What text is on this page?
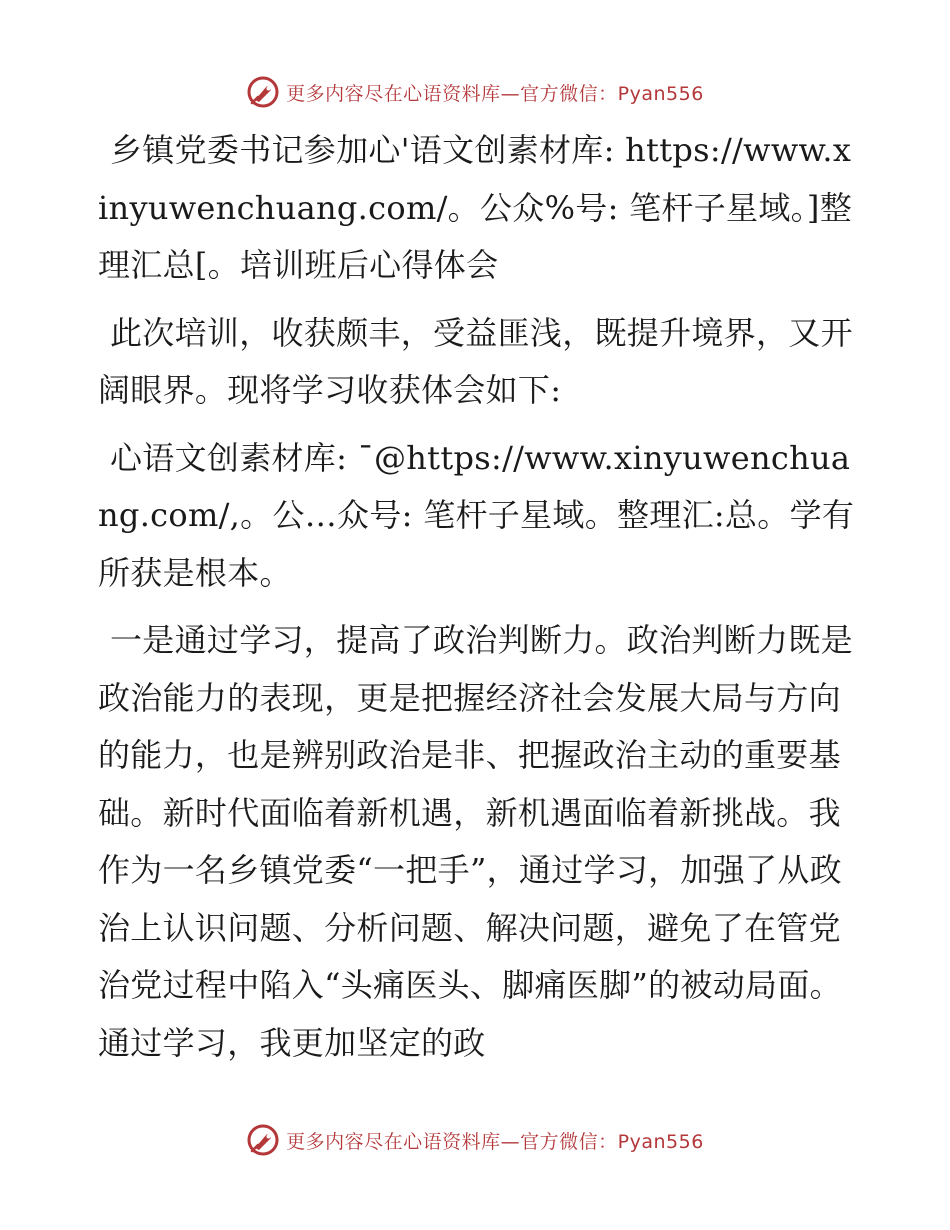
更多内容尽在心语资料库—官方微信：Pyan556

乡镇党委书记参加心'语文创素材库: https://www.xinyuwenchuang.com/。公众%号: 笔杆子星域。]整理汇总[。培训班后心得体会

此次培训，收获颇丰，受益匪浅，既提升境界，又开阔眼界。现将学习收获体会如下:

心语文创素材库: ¯@https://www.xinyuwenchuang.com/,。公…众号: 笔杆子星域。整理汇:总。学有所获是根本。

一是通过学习，提高了政治判断力。政治判断力既是政治能力的表现，更是把握经济社会发展大局与方向的能力，也是辨别政治是非、把握政治主动的重要基础。新时代面临着新机遇，新机遇面临着新挑战。我作为一名乡镇党委“一把手”，通过学习，加强了从政治上认识问题、分析问题、解决问题，避免了在管党治党过程中陷入“头痛医头、脚痛医脚”的被动局面。通过学习，我更加坚定的政

更多内容尽在心语资料库—官方微信：Pyan556
